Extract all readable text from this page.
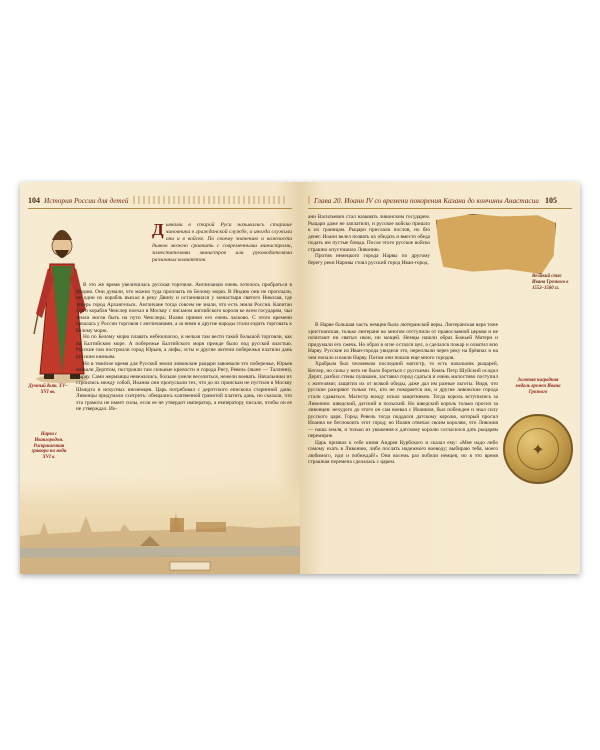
104 История России для детей
Дьяками в старой Руси назывались старшие чиновники в гражданской службе, а иногда служили они и в войске. По своему значению и важности дьяков можно сравнить с современными министрами, заместителями министров или руководителями различных комитетов.
Думный дьяк. XV–XVI вв.
Нарва с Ивангородом. Раскрашенная гравюра на меди XVI в.

В это же время увеличилась русская торговля. Англичанам очень хотелось пробраться в Индию. Они думали, что можно туда проплыть по Белому морю. В Индию они не проплыли, но один их корабль въехал в реку Двину и остановился у монастыря святого Николая, где теперь город Архангельск. Англичане тогда совсем не знали, что есть земля Россия. Капитан этого корабля Ченслер поехал в Москву с письмом английского короля ко всем государям, чьи земли могли быть на пути Ченслера; Иоанн принял его очень ласково. С этого времени началась у России торговля с англичанами, а за ними и другие народы стали ездить торговать к Белому морю.

Но по Белому морю плавать небезопасно, и нельзя там вести такой большой торговли, как на Балтийском море. А побережье Балтийского моря прежде было под русской властью. Русские там построили город Юрьев, а лифы, эсты и другие жители побережья платили дань русским князьям.

Но в тяжёлое время для Русской земли ливонские рыцари завоевали это побережье, Юрьев назвали Дерптом, построили там сильные крепости и города Ригу, Ревель (ныне — Таллинн), Нарву. Сами жерманцы невежились, больше умели веселиться, нежели воевать. Начальники их строились между собой, Иоанна они пропускали тех, что до их пронскам не пустили в Москву Шмидта и искусных иноземцев. Царь потребовал с дерптского епископа старинной дани. Ливонцы придумали схитрить: обещались клятвенной грамотой платить дань, но сказали, что эта грамота не имеет силы, если ее не утвердит император, а императору писали, чтобы он ее не утверждал. Ио-

Глава 20. Иоанн IV со времени покорения Казани до кончины Анастасии 105
Великий стяг Ивана Грозного в 1552–1560 гг.

анн Васильевич стал называть ливонским государем. Рыцари даже не заплатили, и русское войско пришло к их границам. Рыцари прислали послов, но без денег. Иоанн велел позвать их обедать и вместо обеда подать им пустые блюда. После этого русское войско страшно опустошило Ливонию.

Против немецкого города Нарвы по другому берегу реки Наровы стоял русский город Иван-город.

В Нарве большая часть немцев была лютеранской веры. Лютеранская вера тоже христианская, только лютеране во многом отступили от православной церкви и не почитают ни святых икон, ни мощей. Немцы нашли образ Божьей Матери и придумали его сжечь. Но образ в огне остался цел, а сделался пожар и охватил всю Нарву. Русские из Иван-города увидели это, переплыли через реку на брёвнах и на чем попало и взяли Нарву. Потом они пошли еще много городов.

Храбрым был человеком последний магистр, то есть начальник рыцарей, Кетлер, но силы у него не было бороться с русскими. Князь Петр Шуйский осадил Дерпт, разбил стены пушками, заставил город сдаться и очень милостиво поступил с жителями; защитил их от всякой обиды, даже дал им разные льготы. Видя, что русские разоряют только тех, кто не покоряется им, и другие ливонские города стали сдаваться. Магистр всюду искал защитников. Тогда король вступились за Ливонию: шведский, датский и польский. Но шведский король только просил за ливонцев: нехудого до этого он сам воевал с Иоанном, был побежден и знал силу русского царя. Город Ревель тогда поддался датскому королю, который просил Иоанна не беспокоить этот город; но Иоанн отвечал своим королям, что Ливония — наша земля, и только из уважения к датскому королю согласился дать рыцарям перемирие.

Царь призвал к себе князя Андрея Курбского и сказал ему: «Мне надо либо самому ехать в Ливонию, либо послать надежного воеводу; выбираю тебя, моего любимого, иди и побеждай!» Они восемь раз побили немцев, но в это время страшная перемена сделалась с царем.

Золотая наградная медаль времен Ивана Грозного
✦
